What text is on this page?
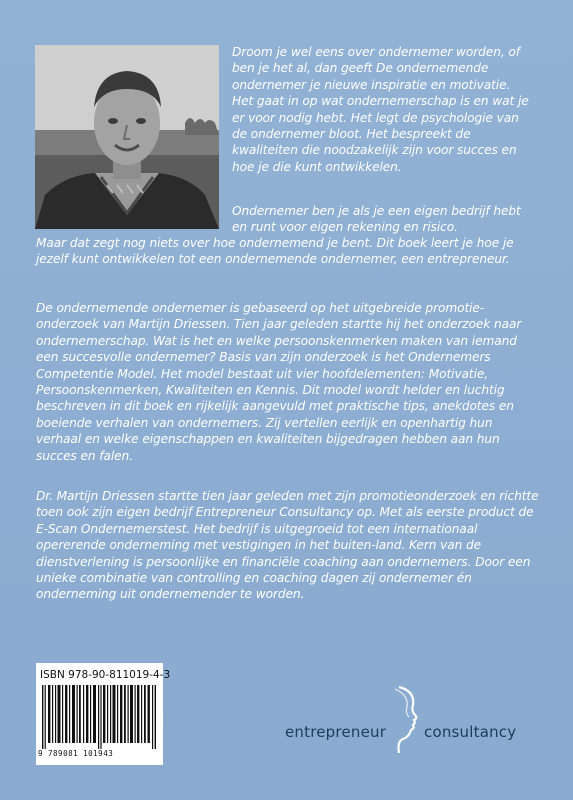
Droom je wel eens over ondernemer worden, of ben je het al, dan geeft De ondernemende ondernemer je nieuwe inspiratie en motivatie. Het gaat in op wat ondernemerschap is en wat je er voor nodig hebt. Het legt de psychologie van de ondernemer bloot. Het bespreekt de kwaliteiten die noodzakelijk zijn voor succes en hoe je die kunt ontwikkelen.
Ondernemer ben je als je een eigen bedrijf hebt en runt voor eigen rekening en risico.
Maar dat zegt nog niets over hoe ondernemend je bent. Dit boek leert je hoe je jezelf kunt ontwikkelen tot een ondernemende ondernemer, een entrepreneur.
De ondernemende ondernemer is gebaseerd op het uitgebreide promotie-onderzoek van Martijn Driessen. Tien jaar geleden startte hij het onderzoek naar ondernemerschap. Wat is het en welke persoonskenmerken maken van iemand een succesvolle ondernemer? Basis van zijn onderzoek is het Ondernemers Competentie Model. Het model bestaat uit vier hoofdelementen: Motivatie, Persoonskenmerken, Kwaliteiten en Kennis. Dit model wordt helder en luchtig beschreven in dit boek en rijkelijk aangevuld met praktische tips, anekdotes en boeiende verhalen van ondernemers. Zij vertellen eerlijk en openhartig hun verhaal en welke eigenschappen en kwaliteiten bijgedragen hebben aan hun succes en falen.
Dr. Martijn Driessen startte tien jaar geleden met zijn promotieonderzoek en richtte toen ook zijn eigen bedrijf Entrepreneur Consultancy op. Met als eerste product de E-Scan Ondernemerstest. Het bedrijf is uitgegroeid tot een internationaal opererende onderneming met vestigingen in het buiten-land. Kern van de dienstverlening is persoonlijke en financiële coaching aan ondernemers. Door een unieke combinatie van controlling en coaching dagen zij ondernemer én onderneming uit ondernemender te worden.
ISBN 978-90-811019-4-3
9 789081 101943
entrepreneur	consultancy
